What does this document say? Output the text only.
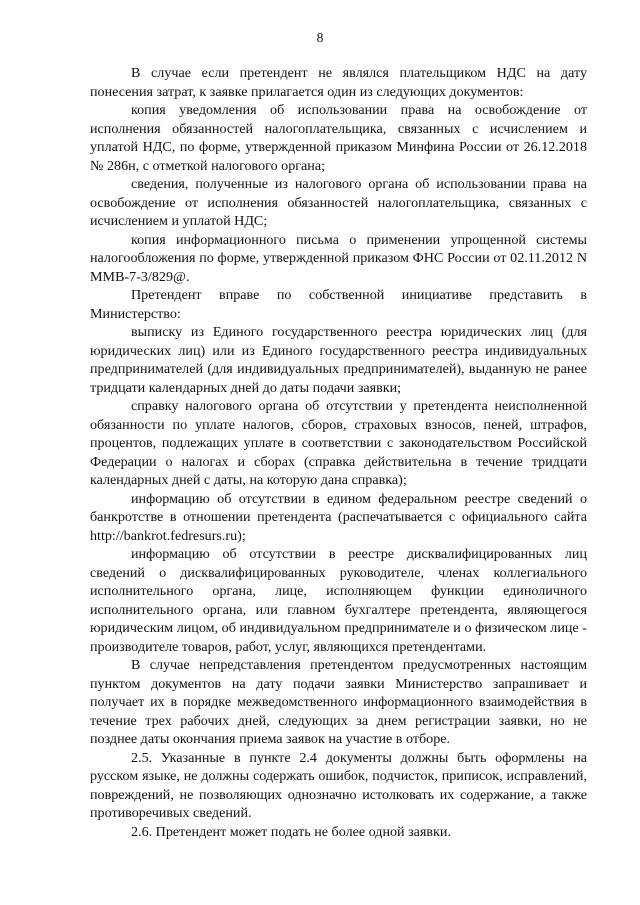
8

В случае если претендент не являлся плательщиком НДС на дату понесения затрат, к заявке прилагается один из следующих документов:

копия уведомления об использовании права на освобождение от исполнения обязанностей налогоплательщика, связанных с исчислением и уплатой НДС, по форме, утвержденной приказом Минфина России от 26.12.2018 № 286н, с отметкой налогового органа;

сведения, полученные из налогового органа об использовании права на освобождение от исполнения обязанностей налогоплательщика, связанных с исчислением и уплатой НДС;

копия информационного письма о применении упрощенной системы налогообложения по форме, утвержденной приказом ФНС России от 02.11.2012 N ММВ-7-3/829@.

Претендент вправе по собственной инициативе представить в Министерство:

выписку из Единого государственного реестра юридических лиц (для юридических лиц) или из Единого государственного реестра индивидуальных предпринимателей (для индивидуальных предпринимателей), выданную не ранее тридцати календарных дней до даты подачи заявки;

справку налогового органа об отсутствии у претендента неисполненной обязанности по уплате налогов, сборов, страховых взносов, пеней, штрафов, процентов, подлежащих уплате в соответствии с законодательством Российской Федерации о налогах и сборах (справка действительна в течение тридцати календарных дней с даты, на которую дана справка);

информацию об отсутствии в едином федеральном реестре сведений о банкротстве в отношении претендента (распечатывается с официального сайта http://bankrot.fedresurs.ru);

информацию об отсутствии в реестре дисквалифицированных лиц сведений о дисквалифицированных руководителе, членах коллегиального исполнительного органа, лице, исполняющем функции единоличного исполнительного органа, или главном бухгалтере претендента, являющегося юридическим лицом, об индивидуальном предпринимателе и о физическом лице - производителе товаров, работ, услуг, являющихся претендентами.

В случае непредставления претендентом предусмотренных настоящим пунктом документов на дату подачи заявки Министерство запрашивает и получает их в порядке межведомственного информационного взаимодействия в течение трех рабочих дней, следующих за днем регистрации заявки, но не позднее даты окончания приема заявок на участие в отборе.

2.5. Указанные в пункте 2.4 документы должны быть оформлены на русском языке, не должны содержать ошибок, подчисток, приписок, исправлений, повреждений, не позволяющих однозначно истолковать их содержание, а также противоречивых сведений.

2.6. Претендент может подать не более одной заявки.
